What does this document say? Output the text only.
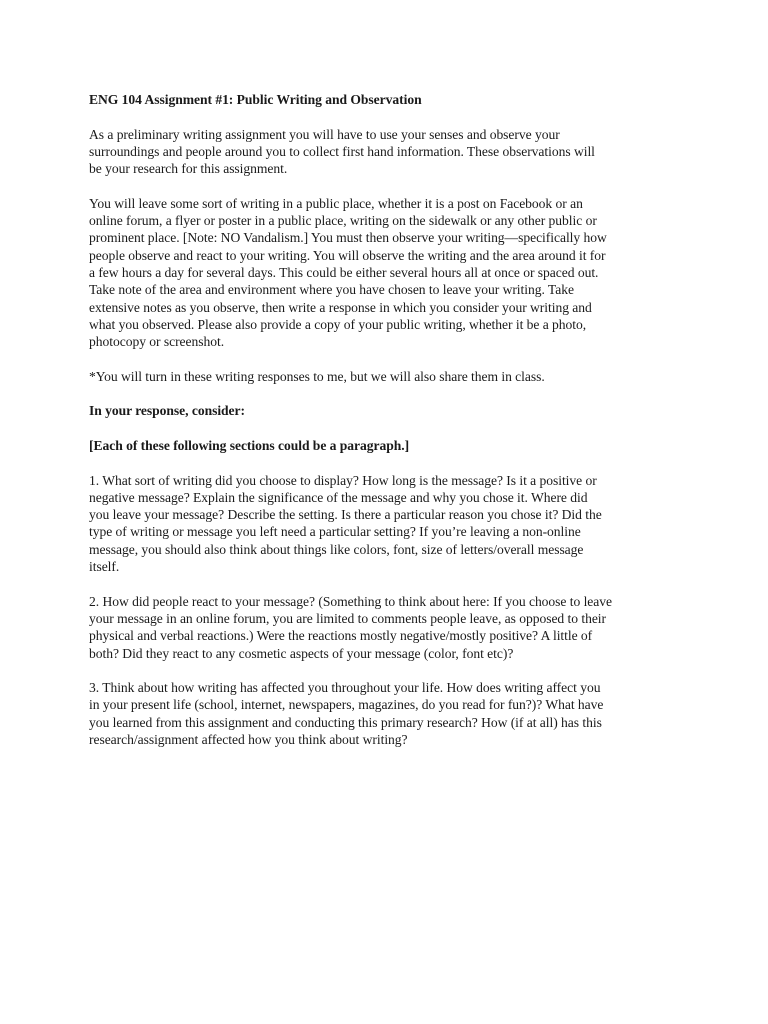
ENG 104 Assignment #1: Public Writing and Observation

As a preliminary writing assignment you will have to use your senses and observe your
surroundings and people around you to collect first hand information. These observations will
be your research for this assignment.

You will leave some sort of writing in a public place, whether it is a post on Facebook or an
online forum, a flyer or poster in a public place, writing on the sidewalk or any other public or
prominent place. [Note: NO Vandalism.] You must then observe your writing—specifically how
people observe and react to your writing. You will observe the writing and the area around it for
a few hours a day for several days. This could be either several hours all at once or spaced out.
Take note of the area and environment where you have chosen to leave your writing. Take
extensive notes as you observe, then write a response in which you consider your writing and
what you observed. Please also provide a copy of your public writing, whether it be a photo,
photocopy or screenshot.

*You will turn in these writing responses to me, but we will also share them in class.

In your response, consider:

[Each of these following sections could be a paragraph.]

1. What sort of writing did you choose to display? How long is the message? Is it a positive or
negative message? Explain the significance of the message and why you chose it. Where did
you leave your message? Describe the setting. Is there a particular reason you chose it? Did the
type of writing or message you left need a particular setting? If you’re leaving a non-online
message, you should also think about things like colors, font, size of letters/overall message
itself.

2. How did people react to your message? (Something to think about here: If you choose to leave
your message in an online forum, you are limited to comments people leave, as opposed to their
physical and verbal reactions.) Were the reactions mostly negative/mostly positive? A little of
both? Did they react to any cosmetic aspects of your message (color, font etc)?

3. Think about how writing has affected you throughout your life. How does writing affect you
in your present life (school, internet, newspapers, magazines, do you read for fun?)? What have
you learned from this assignment and conducting this primary research? How (if at all) has this
research/assignment affected how you think about writing?
